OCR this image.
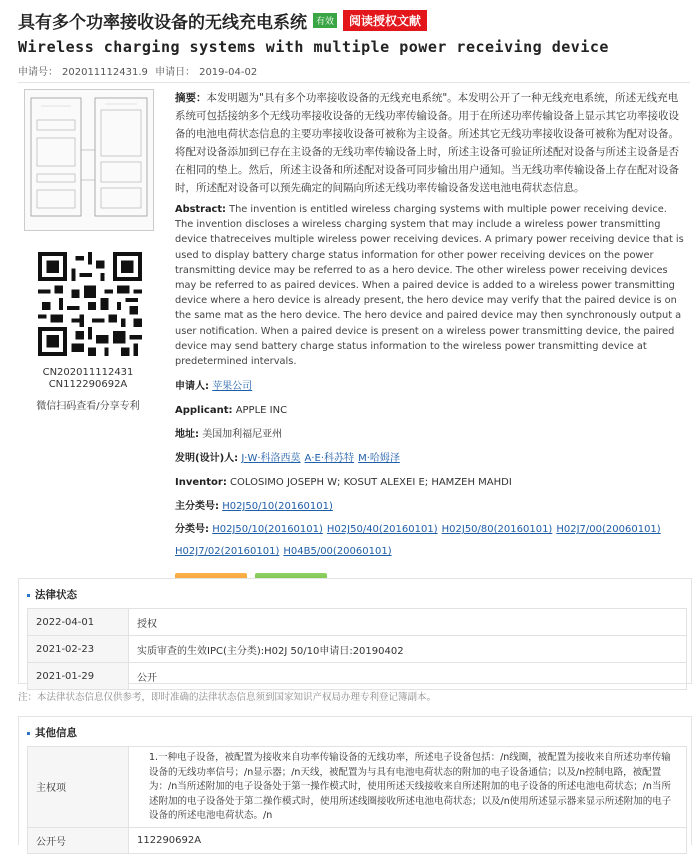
具有多个功率接收设备的无线充电系统	有效	阅读授权文献
Wireless charging systems with multiple power receiving device
申请号： 202011112431.9 申请日： 2019-04-02

CN202011112431
CN112290692A
微信扫码查看/分享专利
摘要：本发明题为"具有多个功率接收设备的无线充电系统"。本发明公开了一种无线充电系统，所述无线充电系统可包括接纳多个无线功率接收设备的无线功率传输设备。用于在所述功率传输设备上显示其它功率接收设备的电池电荷状态信息的主要功率接收设备可被称为主设备。所述其它无线功率接收设备可被称为配对设备。将配对设备添加到已存在主设备的无线功率传输设备上时，所述主设备可验证所述配对设备与所述主设备是否在相同的垫上。然后，所述主设备和所述配对设备可同步输出用户通知。当无线功率传输设备上存在配对设备时，所述配对设备可以预先确定的间隔向所述无线功率传输设备发送电池电荷状态信息。
Abstract: The invention is entitled wireless charging systems with multiple power receiving device. The invention discloses a wireless charging system that may include a wireless power transmitting device thatreceives multiple wireless power receiving devices. A primary power receiving device that is used to display battery charge status information for other power receiving devices on the power transmitting device may be referred to as a hero device. The other wireless power receiving devices may be referred to as paired devices. When a paired device is added to a wireless power transmitting device where a hero device is already present, the hero device may verify that the paired device is on the same mat as the hero device. The hero device and paired device may then synchronously output a user notification. When a paired device is present on a wireless power transmitting device, the paired device may send battery charge status information to the wireless power transmitting device at predetermined intervals.
申请人: 苹果公司
Applicant: APPLE INC
地址: 美国加利福尼亚州
发明(设计)人: J·W·科洛西莫 A·E·科苏特 M·哈姆泽
Inventor: COLOSIMO JOSEPH W; KOSUT ALEXEI E; HAMZEH MAHDI
主分类号: H02J50/10(20160101)
分类号: H02J50/10(20160101) H02J50/40(20160101) H02J50/80(20160101) H02J7/00(20060101)
H02J7/02(20160101) H04B5/00(20060101)
法律状态
2022-04-01	授权
2021-02-23	实质审查的生效IPC(主分类):H02J 50/10申请日:20190402
2021-01-29	公开
注：本法律状态信息仅供参考，即时准确的法律状态信息须到国家知识产权局办理专利登记簿副本。
其他信息
主权项	1.一种电子设备，被配置为接收来自功率传输设备的无线功率，所述电子设备包括：/n线圈，被配置为接收来自所述功率传输设备的无线功率信号；/n显示器；/n天线，被配置为与具有电池电荷状态的附加的电子设备通信；以及/n控制电路，被配置为：/n当所述附加的电子设备处于第一操作模式时，使用所述天线接收来自所述附加的电子设备的所述电池电荷状态；/n当所述附加的电子设备处于第二操作模式时，使用所述线圈接收所述电池电荷状态；以及/n使用所述显示器来显示所述附加的电子设备的所述电池电荷状态。/n
公开号	112290692A
